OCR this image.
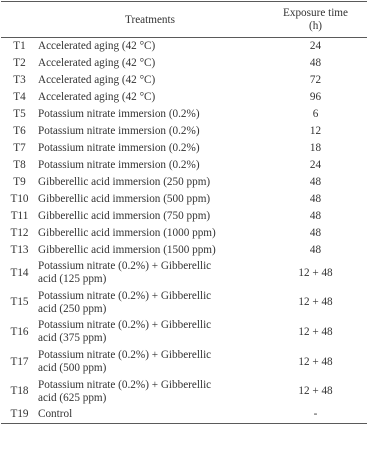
	Treatments	Exposure time
(h)

T1	Accelerated aging (42 °C)	24
T2	Accelerated aging (42 °C)	48
T3	Accelerated aging (42 °C)	72
T4	Accelerated aging (42 °C)	96
T5	Potassium nitrate immersion (0.2%)	6
T6	Potassium nitrate immersion (0.2%)	12
T7	Potassium nitrate immersion (0.2%)	18
T8	Potassium nitrate immersion (0.2%)	24
T9	Gibberellic acid immersion (250 ppm)	48
T10	Gibberellic acid immersion (500 ppm)	48
T11	Gibberellic acid immersion (750 ppm)	48
T12	Gibberellic acid immersion (1000 ppm)	48
T13	Gibberellic acid immersion (1500 ppm)	48
T14	Potassium nitrate (0.2%) + Gibberellic
acid (125 ppm)	12 + 48
T15	Potassium nitrate (0.2%) + Gibberellic
acid (250 ppm)	12 + 48
T16	Potassium nitrate (0.2%) + Gibberellic
acid (375 ppm)	12 + 48
T17	Potassium nitrate (0.2%) + Gibberellic
acid (500 ppm)	12 + 48
T18	Potassium nitrate (0.2%) + Gibberellic
acid (625 ppm)	12 + 48
T19	Control	-
